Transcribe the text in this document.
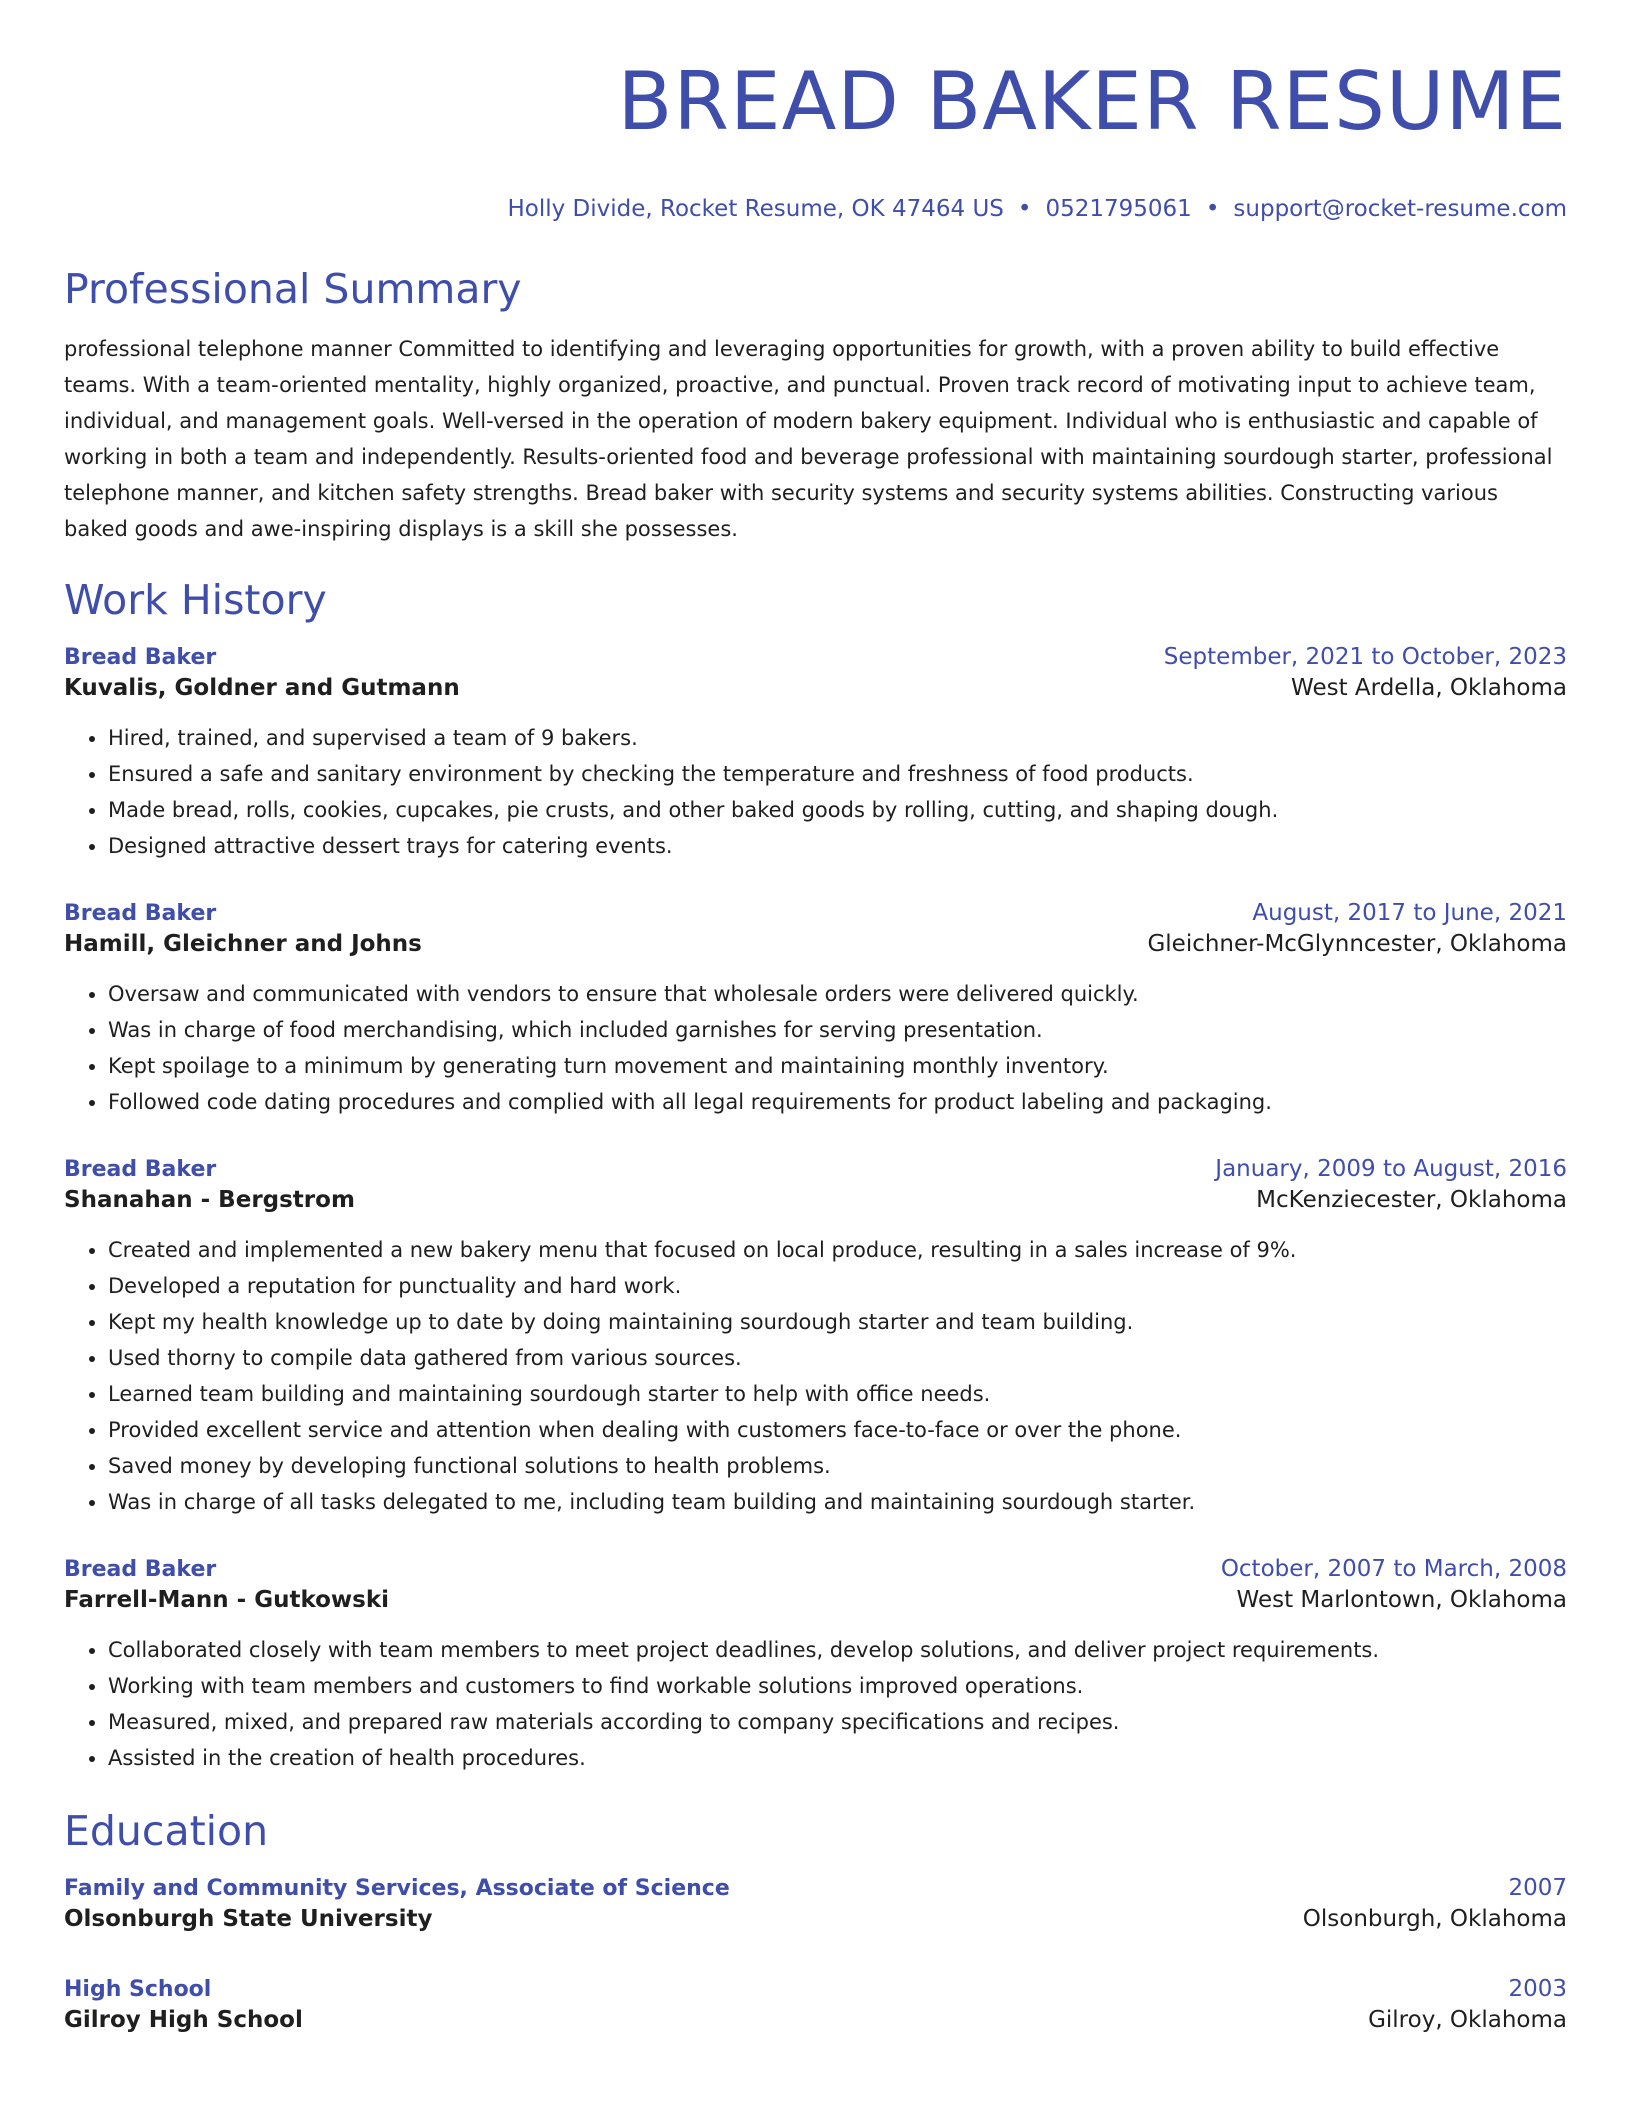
BREAD BAKER RESUME
Holly Divide, Rocket Resume, OK 47464 US • 0521795061 • support@rocket-resume.com
Professional Summary
professional telephone manner Committed to identifying and leveraging opportunities for growth, with a proven ability to build effective teams. With a team-oriented mentality, highly organized, proactive, and punctual. Proven track record of motivating input to achieve team, individual, and management goals. Well-versed in the operation of modern bakery equipment. Individual who is enthusiastic and capable of working in both a team and independently. Results-oriented food and beverage professional with maintaining sourdough starter, professional telephone manner, and kitchen safety strengths. Bread baker with security systems and security systems abilities. Constructing various baked goods and awe-inspiring displays is a skill she possesses.
Work History
Bread Baker	September, 2021 to October, 2023
Kuvalis, Goldner and Gutmann	West Ardella, Oklahoma
• Hired, trained, and supervised a team of 9 bakers.
• Ensured a safe and sanitary environment by checking the temperature and freshness of food products.
• Made bread, rolls, cookies, cupcakes, pie crusts, and other baked goods by rolling, cutting, and shaping dough.
• Designed attractive dessert trays for catering events.
Bread Baker	August, 2017 to June, 2021
Hamill, Gleichner and Johns	Gleichner-McGlynncester, Oklahoma
• Oversaw and communicated with vendors to ensure that wholesale orders were delivered quickly.
• Was in charge of food merchandising, which included garnishes for serving presentation.
• Kept spoilage to a minimum by generating turn movement and maintaining monthly inventory.
• Followed code dating procedures and complied with all legal requirements for product labeling and packaging.
Bread Baker	January, 2009 to August, 2016
Shanahan - Bergstrom	McKenziecester, Oklahoma
• Created and implemented a new bakery menu that focused on local produce, resulting in a sales increase of 9%.
• Developed a reputation for punctuality and hard work.
• Kept my health knowledge up to date by doing maintaining sourdough starter and team building.
• Used thorny to compile data gathered from various sources.
• Learned team building and maintaining sourdough starter to help with office needs.
• Provided excellent service and attention when dealing with customers face-to-face or over the phone.
• Saved money by developing functional solutions to health problems.
• Was in charge of all tasks delegated to me, including team building and maintaining sourdough starter.
Bread Baker	October, 2007 to March, 2008
Farrell-Mann - Gutkowski	West Marlontown, Oklahoma
• Collaborated closely with team members to meet project deadlines, develop solutions, and deliver project requirements.
• Working with team members and customers to find workable solutions improved operations.
• Measured, mixed, and prepared raw materials according to company specifications and recipes.
• Assisted in the creation of health procedures.
Education
Family and Community Services, Associate of Science	2007
Olsonburgh State University	Olsonburgh, Oklahoma
High School	2003
Gilroy High School	Gilroy, Oklahoma
